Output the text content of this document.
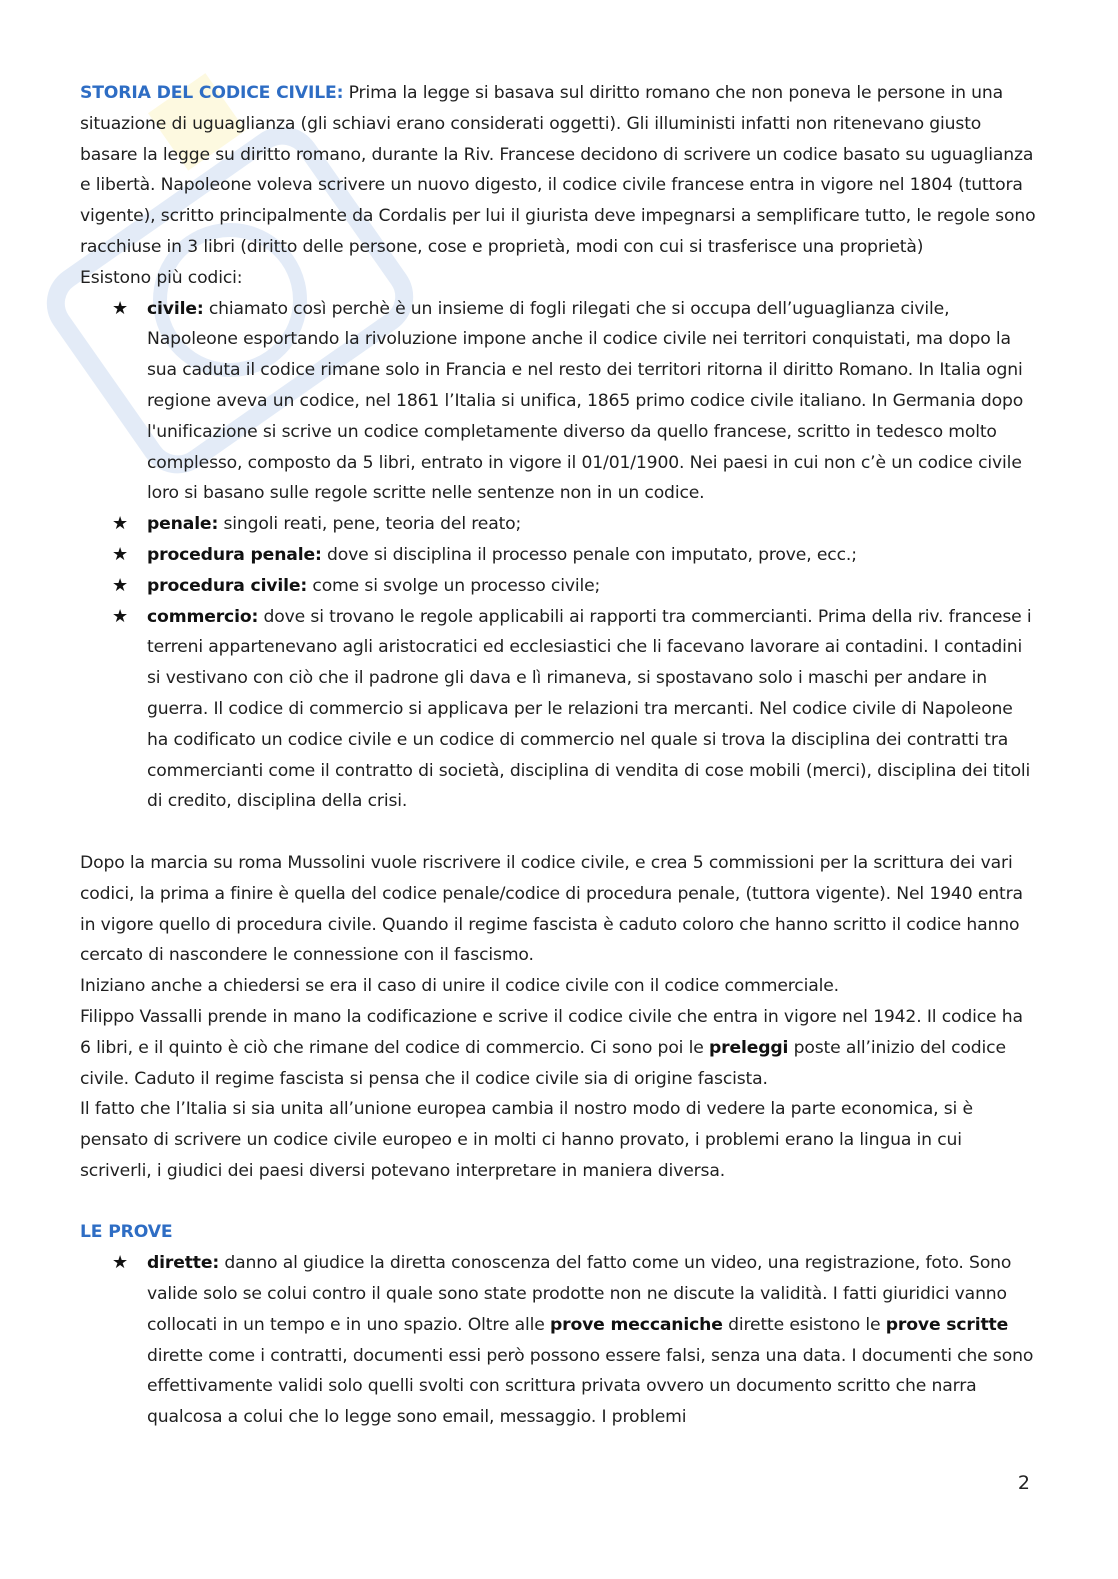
STORIA DEL CODICE CIVILE: Prima la legge si basava sul diritto romano che non poneva le persone in una situazione di uguaglianza (gli schiavi erano considerati oggetti). Gli illuministi infatti non ritenevano giusto basare la legge su diritto romano, durante la Riv. Francese decidono di scrivere un codice basato su uguaglianza e libertà. Napoleone voleva scrivere un nuovo digesto, il codice civile francese entra in vigore nel 1804 (tuttora vigente), scritto principalmente da Cordalis per lui il giurista deve impegnarsi a semplificare tutto, le regole sono racchiuse in 3 libri (diritto delle persone, cose e proprietà, modi con cui si trasferisce una proprietà)

Esistono più codici:

★ civile: chiamato così perchè è un insieme di fogli rilegati che si occupa dell’uguaglianza civile, Napoleone esportando la rivoluzione impone anche il codice civile nei territori conquistati, ma dopo la sua caduta il codice rimane solo in Francia e nel resto dei territori ritorna il diritto Romano. In Italia ogni regione aveva un codice, nel 1861 l’Italia si unifica, 1865 primo codice civile italiano. In Germania dopo l'unificazione si scrive un codice completamente diverso da quello francese, scritto in tedesco molto complesso, composto da 5 libri, entrato in vigore il 01/01/1900. Nei paesi in cui non c’è un codice civile loro si basano sulle regole scritte nelle sentenze non in un codice.
★ penale: singoli reati, pene, teoria del reato;
★ procedura penale: dove si disciplina il processo penale con imputato, prove, ecc.;
★ procedura civile: come si svolge un processo civile;
★ commercio: dove si trovano le regole applicabili ai rapporti tra commercianti. Prima della riv. francese i terreni appartenevano agli aristocratici ed ecclesiastici che li facevano lavorare ai contadini. I contadini si vestivano con ciò che il padrone gli dava e lì rimaneva, si spostavano solo i maschi per andare in guerra. Il codice di commercio si applicava per le relazioni tra mercanti. Nel codice civile di Napoleone ha codificato un codice civile e un codice di commercio nel quale si trova la disciplina dei contratti tra commercianti come il contratto di società, disciplina di vendita di cose mobili (merci), disciplina dei titoli di credito, disciplina della crisi.

Dopo la marcia su roma Mussolini vuole riscrivere il codice civile, e crea 5 commissioni per la scrittura dei vari codici, la prima a finire è quella del codice penale/codice di procedura penale, (tuttora vigente). Nel 1940 entra in vigore quello di procedura civile. Quando il regime fascista è caduto coloro che hanno scritto il codice hanno cercato di nascondere le connessione con il fascismo.

Iniziano anche a chiedersi se era il caso di unire il codice civile con il codice commerciale.

Filippo Vassalli prende in mano la codificazione e scrive il codice civile che entra in vigore nel 1942. Il codice ha 6 libri, e il quinto è ciò che rimane del codice di commercio. Ci sono poi le preleggi poste all’inizio del codice civile. Caduto il regime fascista si pensa che il codice civile sia di origine fascista.

Il fatto che l’Italia si sia unita all’unione europea cambia il nostro modo di vedere la parte economica, si è pensato di scrivere un codice civile europeo e in molti ci hanno provato, i problemi erano la lingua in cui scriverli, i giudici dei paesi diversi potevano interpretare in maniera diversa.

LE PROVE

★ dirette: danno al giudice la diretta conoscenza del fatto come un video, una registrazione, foto. Sono valide solo se colui contro il quale sono state prodotte non ne discute la validità. I fatti giuridici vanno collocati in un tempo e in uno spazio. Oltre alle prove meccaniche dirette esistono le prove scritte dirette come i contratti, documenti essi però possono essere falsi, senza una data. I documenti che sono effettivamente validi solo quelli svolti con scrittura privata ovvero un documento scritto che narra qualcosa a colui che lo legge sono email, messaggio. I problemi
2
